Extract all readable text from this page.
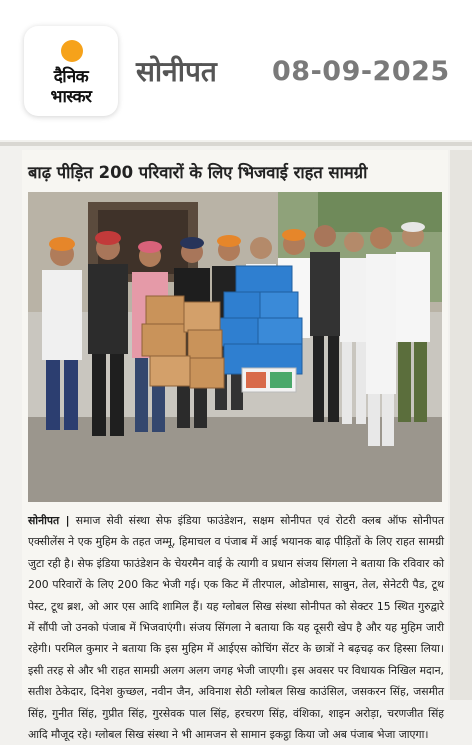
दैनिक
भास्कर
सोनीपत 08-09-2025
बाढ़ पीड़ित 200 परिवारों के लिए भिजवाई राहत सामग्री
सोनीपत | समाज सेवी संस्था सेफ इंडिया फाउंडेशन, सक्षम सोनीपत एवं रोटरी क्लब ऑफ सोनीपत एक्सीलेंस ने एक मुहिम के तहत जम्मू, हिमाचल व पंजाब में आई भयानक बाढ़ पीड़ितों के लिए राहत सामग्री जुटा रही है। सेफ इंडिया फाउंडेशन के चेयरमैन वाई के त्यागी व प्रधान संजय सिंगला ने बताया कि रविवार को 200 परिवारों के लिए 200 किट भेजी गई। एक किट में तीरपाल, ओडोमास, साबुन, तेल, सेनेटरी पैड, टूथ पेस्ट, टूथ ब्रश, ओ आर एस आदि शामिल हैं। यह ग्लोबल सिख संस्था सोनीपत को सेक्टर 15 स्थित गुरुद्वारे में सौंपी जो उनको पंजाब में भिजवाएंगी। संजय सिंगला ने बताया कि यह दूसरी खेप है और यह मुहिम जारी रहेगी। परमिल कुमार ने बताया कि इस मुहिम में आईएस कोचिंग सेंटर के छात्रों ने बढ़चढ़ कर हिस्सा लिया। इसी तरह से और भी राहत सामग्री अलग अलग जगह भेजी जाएगी। इस अवसर पर विधायक निखिल मदान, सतीश ठेकेदार, दिनेश कुच्छल, नवीन जैन, अविनाश सेठी ग्लोबल सिख काउंसिल, जसकरन सिंह, जसमीत सिंह, गुनीत सिंह, गुप्रीत सिंह, गुरसेवक पाल सिंह, हरचरण सिंह, वंशिका, शाइन अरोड़ा, चरणजीत सिंह आदि मौजूद रहे। ग्लोबल सिख संस्था ने भी आमजन से सामान इकट्ठा किया जो अब पंजाब भेजा जाएगा।
